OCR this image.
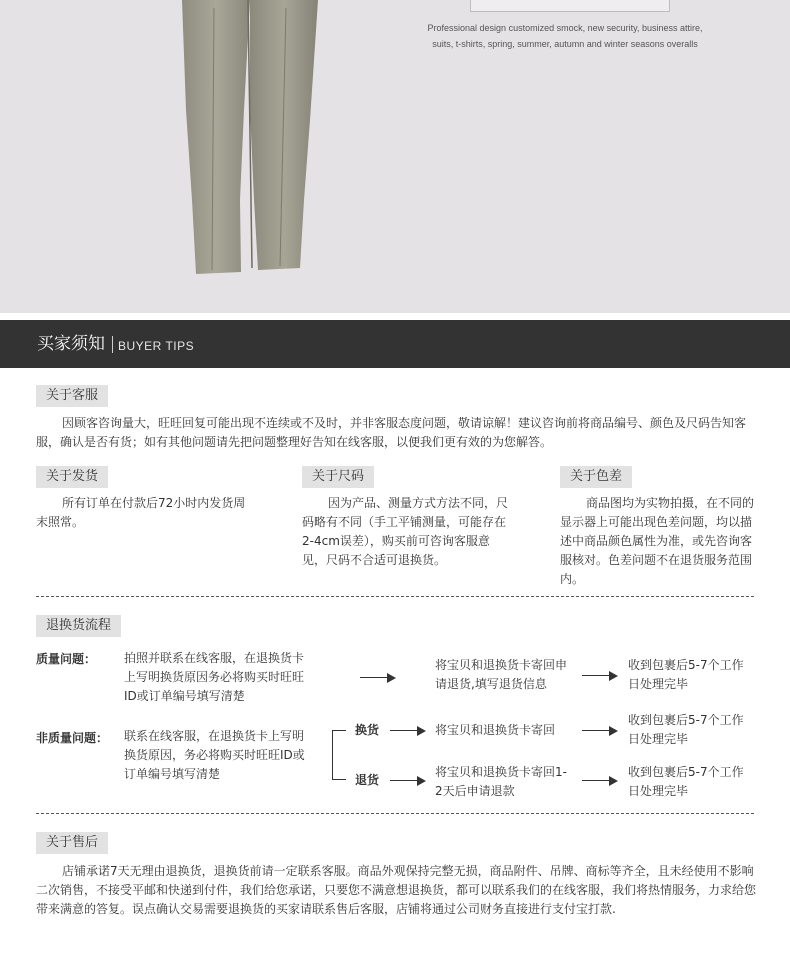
Professional design customized smock, new security, business attire, suits, t-shirts, spring, summer, autumn and winter seasons overalls
买家须知 BUYER TIPS
关于客服
因顾客咨询量大，旺旺回复可能出现不连续或不及时，并非客服态度问题，敬请谅解！建议咨询前将商品编号、颜色及尺码告知客服，确认是否有货；如有其他问题请先把问题整理好告知在线客服，以便我们更有效的为您解答。
关于发货
所有订单在付款后72小时内发货周末照常。
关于尺码
因为产品、测量方式方法不同，尺码略有不同（手工平铺测量，可能存在2-4cm误差），购买前可咨询客服意见，尺码不合适可退换货。
关于色差
商品图均为实物拍摄，在不同的显示器上可能出现色差问题，均以描述中商品颜色属性为准，或先咨询客服核对。色差问题不在退货服务范围内。
退换货流程
质量问题： 拍照并联系在线客服，在退换货卡上写明换货原因务必将购买时旺旺ID或订单编号填写清楚
将宝贝和退换货卡寄回申请退货,填写退货信息
收到包裹后5-7个工作日处理完毕
非质量问题： 联系在线客服，在退换货卡上写明换货原因，务必将购买时旺旺ID或订单编号填写清楚
换货	将宝贝和退换货卡寄回
收到包裹后5-7个工作日处理完毕
退货
将宝贝和退换货卡寄回1-2天后申请退款
收到包裹后5-7个工作日处理完毕
关于售后
店铺承诺7天无理由退换货，退换货前请一定联系客服。商品外观保持完整无损，商品附件、吊牌、商标等齐全，且未经使用不影响二次销售，不接受平邮和快递到付件，我们给您承诺，只要您不满意想退换货，都可以联系我们的在线客服，我们将热情服务，力求给您带来满意的答复。误点确认交易需要退换货的买家请联系售后客服，店铺将通过公司财务直接进行支付宝打款.
